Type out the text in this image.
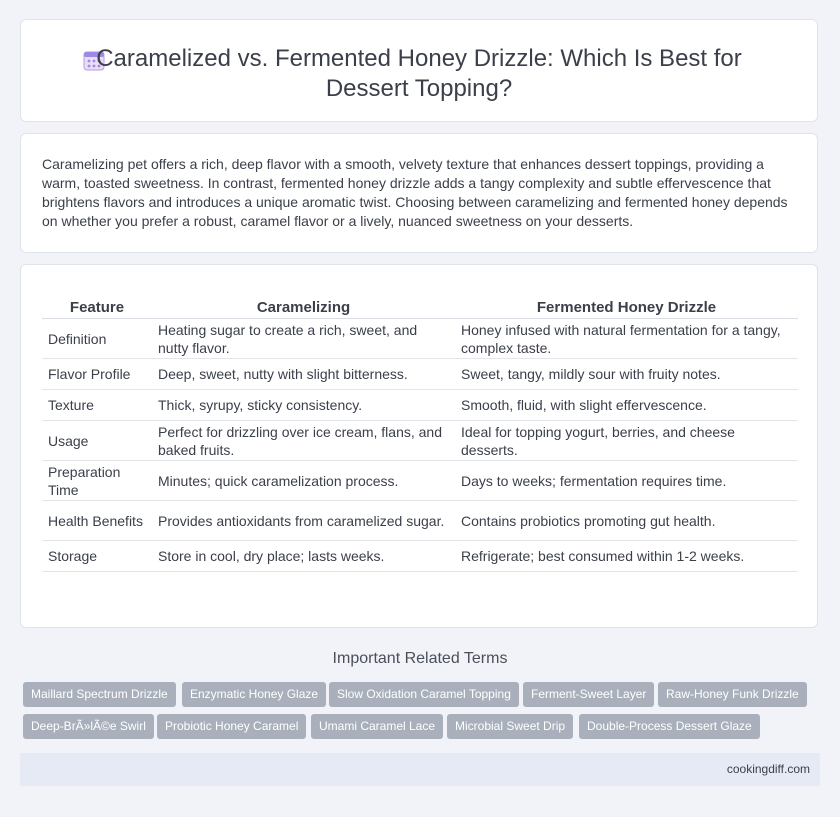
Caramelized vs. Fermented Honey Drizzle: Which Is Best for Dessert Topping?

Caramelizing pet offers a rich, deep flavor with a smooth, velvety texture that enhances dessert toppings, providing a warm, toasted sweetness. In contrast, fermented honey drizzle adds a tangy complexity and subtle effervescence that brightens flavors and introduces a unique aromatic twist. Choosing between caramelizing and fermented honey depends on whether you prefer a robust, caramel flavor or a lively, nuanced sweetness on your desserts.

Feature	Caramelizing	Fermented Honey Drizzle
Definition	Heating sugar to create a rich, sweet, and nutty flavor.	Honey infused with natural fermentation for a tangy, complex taste.
Flavor Profile	Deep, sweet, nutty with slight bitterness.	Sweet, tangy, mildly sour with fruity notes.
Texture	Thick, syrupy, sticky consistency.	Smooth, fluid, with slight effervescence.
Usage	Perfect for drizzling over ice cream, flans, and baked fruits.	Ideal for topping yogurt, berries, and cheese desserts.
Preparation Time	Minutes; quick caramelization process.	Days to weeks; fermentation requires time.
Health Benefits	Provides antioxidants from caramelized sugar.	Contains probiotics promoting gut health.
Storage	Store in cool, dry place; lasts weeks.	Refrigerate; best consumed within 1-2 weeks.
Important Related Terms
Maillard Spectrum Drizzle	Enzymatic Honey Glaze	Slow Oxidation Caramel Topping	Ferment-Sweet Layer	Raw-Honey Funk Drizzle
Deep-BrÃ»lÃ©e Swirl	Probiotic Honey Caramel	Umami Caramel Lace	Microbial Sweet Drip	Double-Process Dessert Glaze
cookingdiff.com
